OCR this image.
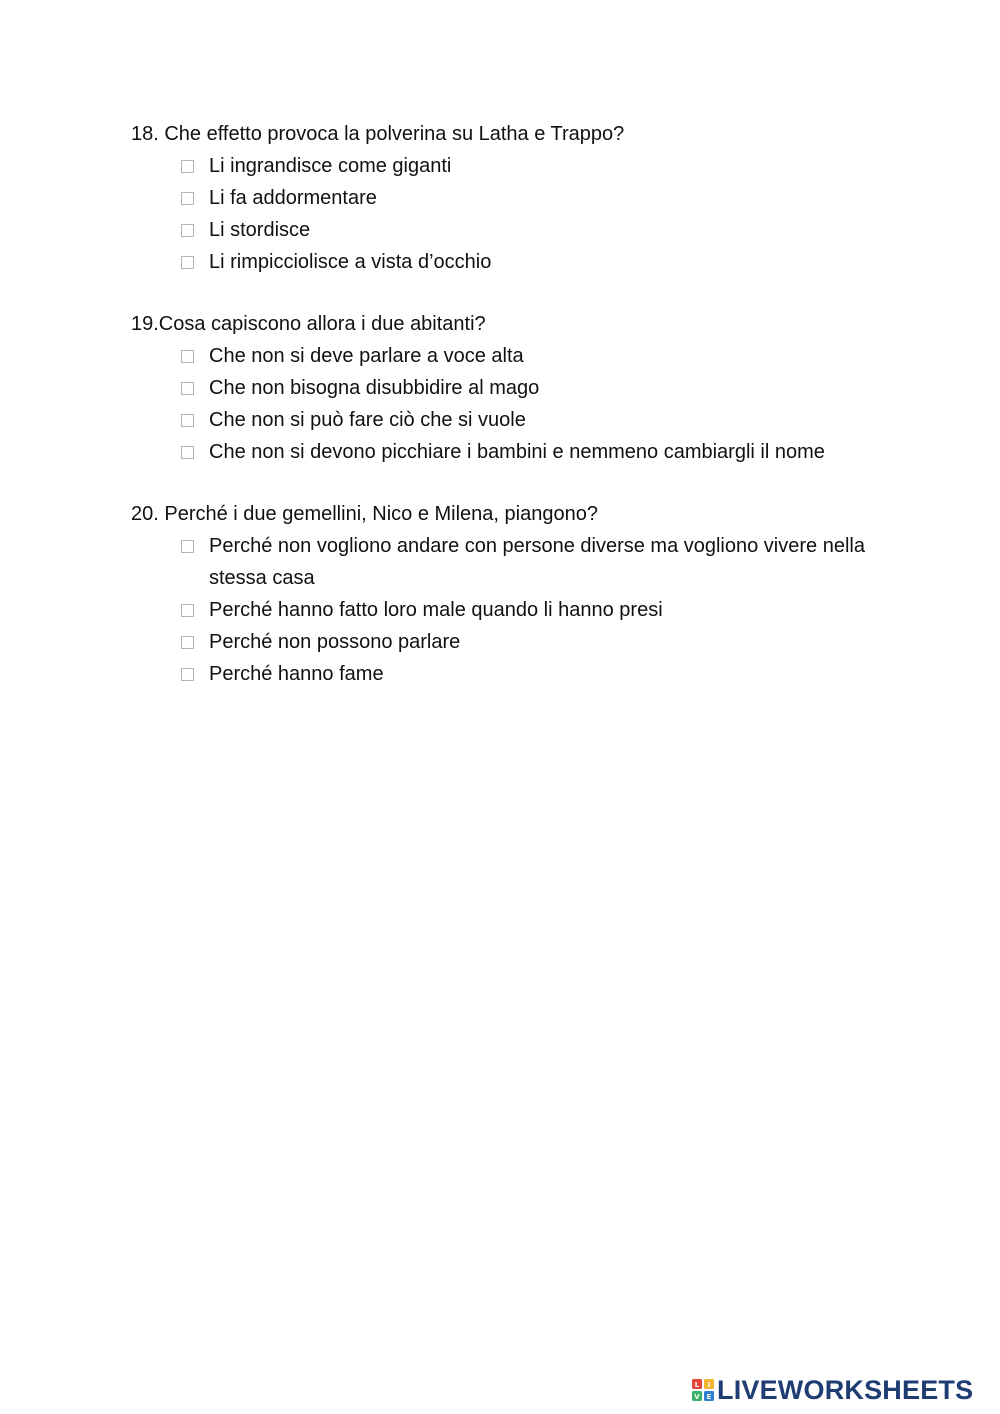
18. Che effetto provoca la polverina su Latha e Trappo?

Li ingrandisce come giganti
Li fa addormentare
Li stordisce
Li rimpicciolisce a vista d’occhio

19.Cosa capiscono allora i due abitanti?

Che non si deve parlare a voce alta
Che non bisogna disubbidire al mago
Che non si può fare ciò che si vuole
Che non si devono picchiare i bambini e nemmeno cambiargli il nome

20. Perché i due gemellini, Nico e Milena, piangono?

Perché non vogliono andare con persone diverse ma vogliono vivere nella stessa casa
Perché hanno fatto loro male quando li hanno presi
Perché non possono parlare
Perché hanno fame
L I
V E LIVEWORKSHEETS
